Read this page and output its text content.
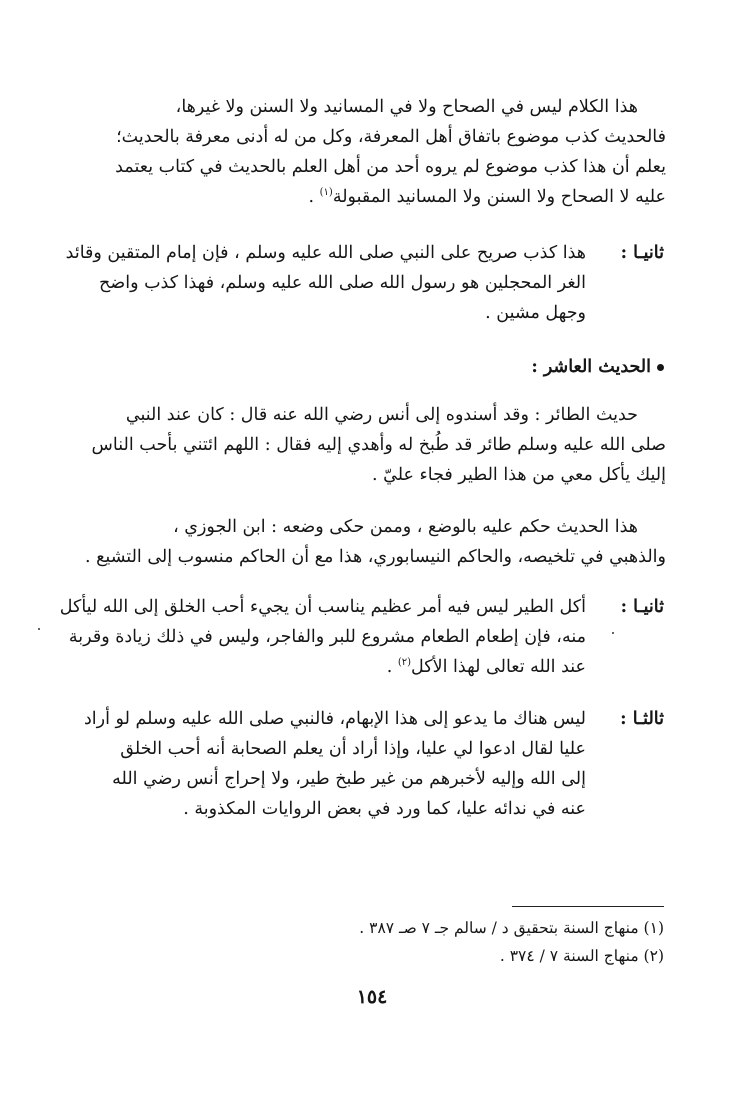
هذا الكلام ليس في الصحاح ولا في المسانيد ولا السنن ولا غيرها،
فالحديث كذب موضوع باتفاق أهل المعرفة، وكل من له أدنى معرفة بالحديث؛
يعلم أن هذا كذب موضوع لم يروه أحد من أهل العلم بالحديث في كتاب يعتمد
عليه لا الصحاح ولا السنن ولا المسانيد المقبولة$^{(١)}$ .
ثانيـا :
هذا كذب صريح على النبي صلى الله عليه وسلم ، فإن إمام المتقين وقائد
الغر المحجلين هو رسول الله صلى الله عليه وسلم، فهذا كذب واضح
وجهل مشين .
الحديث العاشر :
حديث الطائر : وقد أسندوه إلى أنس رضي الله عنه قال : كان عند النبي
صلى الله عليه وسلم طائر قد طُبخ له وأهدي إليه فقال : اللهم ائتني بأحب الناس
إليك يأكل معي من هذا الطير فجاء عليّ .
هذا الحديث حكم عليه بالوضع ، وممن حكى وضعه : ابن الجوزي ،
والذهبي في تلخيصه، والحاكم النيسابوري، هذا مع أن الحاكم منسوب إلى التشيع .
ثانيـا :
أكل الطير ليس فيه أمر عظيم يناسب أن يجيء أحب الخلق إلى الله ليأكل
منه، فإن إطعام الطعام مشروع للبر والفاجر، وليس في ذلك زيادة وقربة
عند الله تعالى لهذا الأكل$^{(٢)}$ .
ثالثـا :
ليس هناك ما يدعو إلى هذا الإبهام، فالنبي صلى الله عليه وسلم لو أراد
عليا لقال ادعوا لي عليا، وإذا أراد أن يعلم الصحابة أنه أحب الخلق
إلى الله وإليه لأخبرهم من غير طبخ طير، ولا إحراج أنس رضي الله
عنه في ندائه عليا، كما ورد في بعض الروايات المكذوبة .
(١) منهاج السنة بتحقيق د / سالم جـ ٧ صـ ٣٨٧ .
(٢) منهاج السنة ٧ / ٣٧٤ .
١٥٤
